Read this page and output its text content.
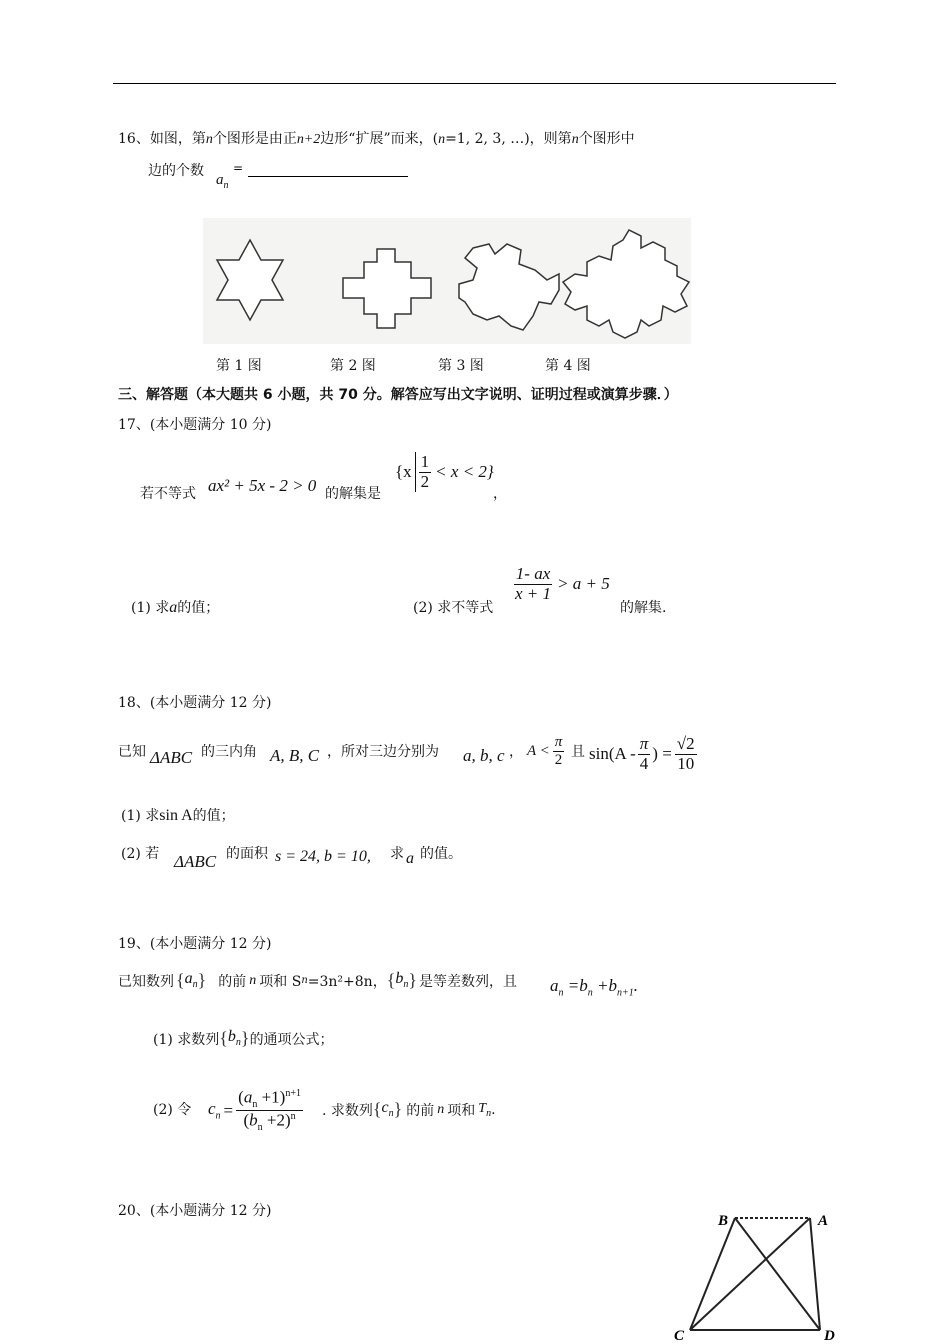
16、如图，第n个图形是由正n+2边形“扩展”而来，(n=1, 2, 3, …)，则第n个图形中
边的个数
$a_n$
=
第 1 图	第 2 图	第 3 图	第 4 图
三、解答题（本大题共 6 小题，共 70 分。解答应写出文字说明、证明过程或演算步骤．）
17、(本小题满分 10 分)
若不等式 ax² + 5x - 2 > 0 的解集是
$\{x \frac{1}{2} < x < 2\}$
，
(1) 求a的值；	(2) 求不等式
$\frac{1- ax}{x + 1} > a + 5$
的解集.
18、(本小题满分 12 分)
已知 ΔABC 的三内角 A, B, C ，所对三边分别为 a, b, c ， $A < \frac{\pi}{2}$ 且 $\sin(A - \frac{\pi}{4}$ ) = $\frac{√2}{10}$
(1) 求sin A的值；
(2) 若 ΔABC 的面积 s = 24, b = 10, 求 a 的值。
19、(本小题满分 12 分)
已知数列 { $a_n$ } 的前 n 项和 S n =3n²+8n， { $b_n$ } 是等差数列，且 $a_n =b_n +b_{n+1}$.
(1) 求数列 { $b_n$ } 的通项公式；
(2) 令 $c_n = \frac{(a_n +1)^{n+1}}{(b_n +2)^n}$ . 求数列 { $c_n$ } 的前 n 项和 $T_n$ .
20、(本小题满分 12 分)
B	A
C	D
